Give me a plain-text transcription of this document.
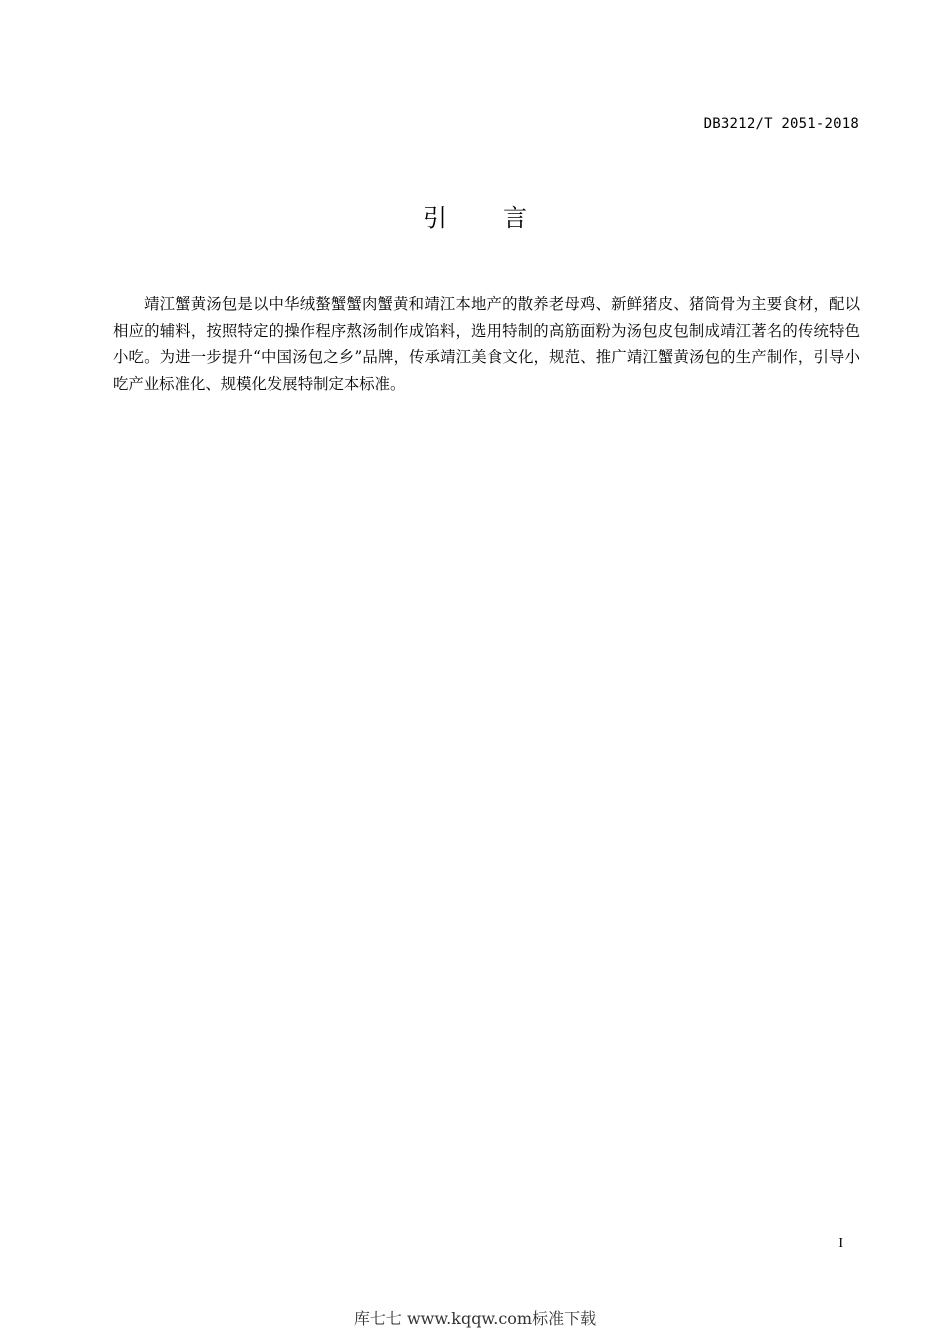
DB3212/T 2051-2018
引言

靖江蟹黄汤包是以中华绒螯蟹蟹肉蟹黄和靖江本地产的散养老母鸡、新鲜猪皮、猪筒骨为主要食材，配以相应的辅料，按照特定的操作程序熬汤制作成馅料，选用特制的高筋面粉为汤包皮包制成靖江著名的传统特色小吃。为进一步提升“中国汤包之乡”品牌，传承靖江美食文化，规范、推广靖江蟹黄汤包的生产制作，引导小吃产业标准化、规模化发展特制定本标准。

I
库七七 www.kqqw.com标准下载
